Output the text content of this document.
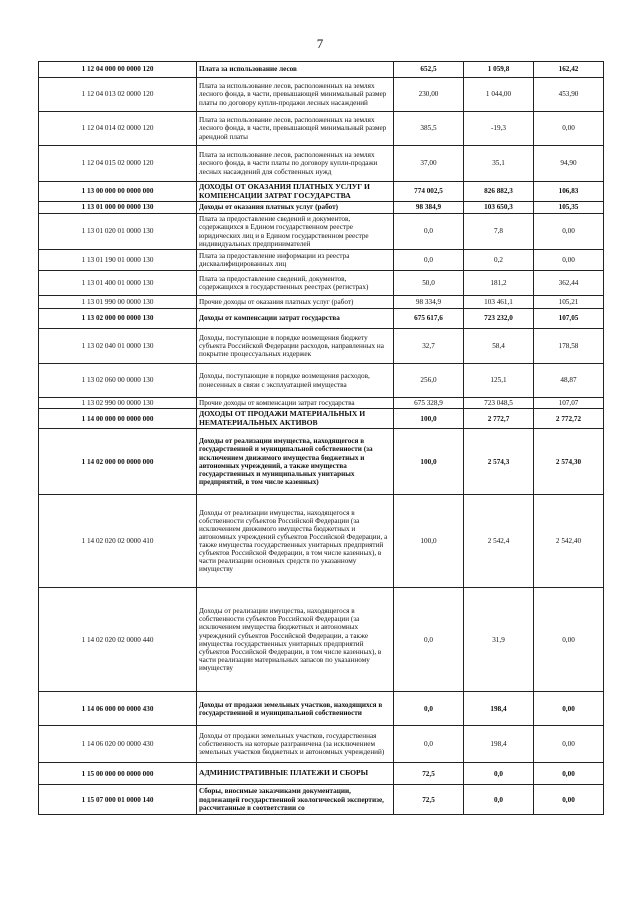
7
1 12 04 000 00 0000 120	Плата за использование лесов	652,5	1 059,8	162,42
1 12 04 013 02 0000 120	Плата за использование лесов, расположенных на землях лесного фонда, в части, превышающей минимальный размер платы по договору купли-продажи лесных насаждений	230,00	1 044,00	453,90
1 12 04 014 02 0000 120	Плата за использование лесов, расположенных на землях лесного фонда, в части, превышающей минимальный размер арендной платы	385,5	-19,3	0,00
1 12 04 015 02 0000 120	Плата за использование лесов, расположенных на землях лесного фонда, в части платы по договору купли-продажи лесных насаждений для собственных нужд	37,00	35,1	94,90
1 13 00 000 00 0000 000	ДОХОДЫ ОТ ОКАЗАНИЯ ПЛАТНЫХ УСЛУГ И КОМПЕНСАЦИИ ЗАТРАТ ГОСУДАРСТВА	774 002,5	826 882,3	106,83
1 13 01 000 00 0000 130	Доходы от оказания платных услуг (работ)	98 384,9	103 650,3	105,35
1 13 01 020 01 0000 130	Плата за предоставление сведений и документов, содержащихся в Едином государственном реестре юридических лиц и в Едином государственном реестре индивидуальных предпринимателей	0,0	7,8	0,00
1 13 01 190 01 0000 130	Плата за предоставление информации из реестра дисквалифицированных лиц	0,0	0,2	0,00
1 13 01 400 01 0000 130	Плата за предоставление сведений, документов, содержащихся в государственных реестрах (регистрах)	50,0	181,2	362,44
1 13 01 990 00 0000 130	Прочие доходы от оказания платных услуг (работ)	98 334,9	103 461,1	105,21
1 13 02 000 00 0000 130	Доходы от компенсации затрат государства	675 617,6	723 232,0	107,05
1 13 02 040 01 0000 130	Доходы, поступающие в порядке возмещения бюджету субъекта Российской Федерации расходов, направленных на покрытие процессуальных издержек	32,7	58,4	178,58
1 13 02 060 00 0000 130	Доходы, поступающие в порядке возмещения расходов, понесенных в связи с эксплуатацией имущества	256,0	125,1	48,87
1 13 02 990 00 0000 130	Прочие доходы от компенсации затрат государства	675 328,9	723 048,5	107,07
1 14 00 000 00 0000 000	ДОХОДЫ ОТ ПРОДАЖИ МАТЕРИАЛЬНЫХ И НЕМАТЕРИАЛЬНЫХ АКТИВОВ	100,0	2 772,7	2 772,72
1 14 02 000 00 0000 000	Доходы от реализации имущества, находящегося в государственной и муниципальной собственности (за исключением движимого имущества бюджетных и автономных учреждений, а также имущества государственных и муниципальных унитарных предприятий, в том числе казенных)	100,0	2 574,3	2 574,30
1 14 02 020 02 0000 410	Доходы от реализации имущества, находящегося в собственности субъектов Российской Федерации (за исключением движимого имущества бюджетных и автономных учреждений субъектов Российской Федерации, а также имущества государственных унитарных предприятий субъектов Российской Федерации, в том числе казенных), в части реализации основных средств по указанному имуществу	100,0	2 542,4	2 542,40
1 14 02 020 02 0000 440	Доходы от реализации имущества, находящегося в собственности субъектов Российской Федерации (за исключением имущества бюджетных и автономных учреждений субъектов Российской Федерации, а также имущества государственных унитарных предприятий субъектов Российской Федерации, в том числе казенных), в части реализации материальных запасов по указанному имуществу	0,0	31,9	0,00
1 14 06 000 00 0000 430	Доходы от продажи земельных участков, находящихся в государственной и муниципальной собственности	0,0	198,4	0,00
1 14 06 020 00 0000 430	Доходы от продажи земельных участков, государственная собственность на которые разграничена (за исключением земельных участков бюджетных и автономных учреждений)	0,0	198,4	0,00
1 15 00 000 00 0000 000	АДМИНИСТРАТИВНЫЕ ПЛАТЕЖИ И СБОРЫ	72,5	0,0	0,00
1 15 07 000 01 0000 140	Сборы, вносимые заказчиками документации, подлежащей государственной экологической экспертизе, рассчитанные в соответствии со	72,5	0,0	0,00
